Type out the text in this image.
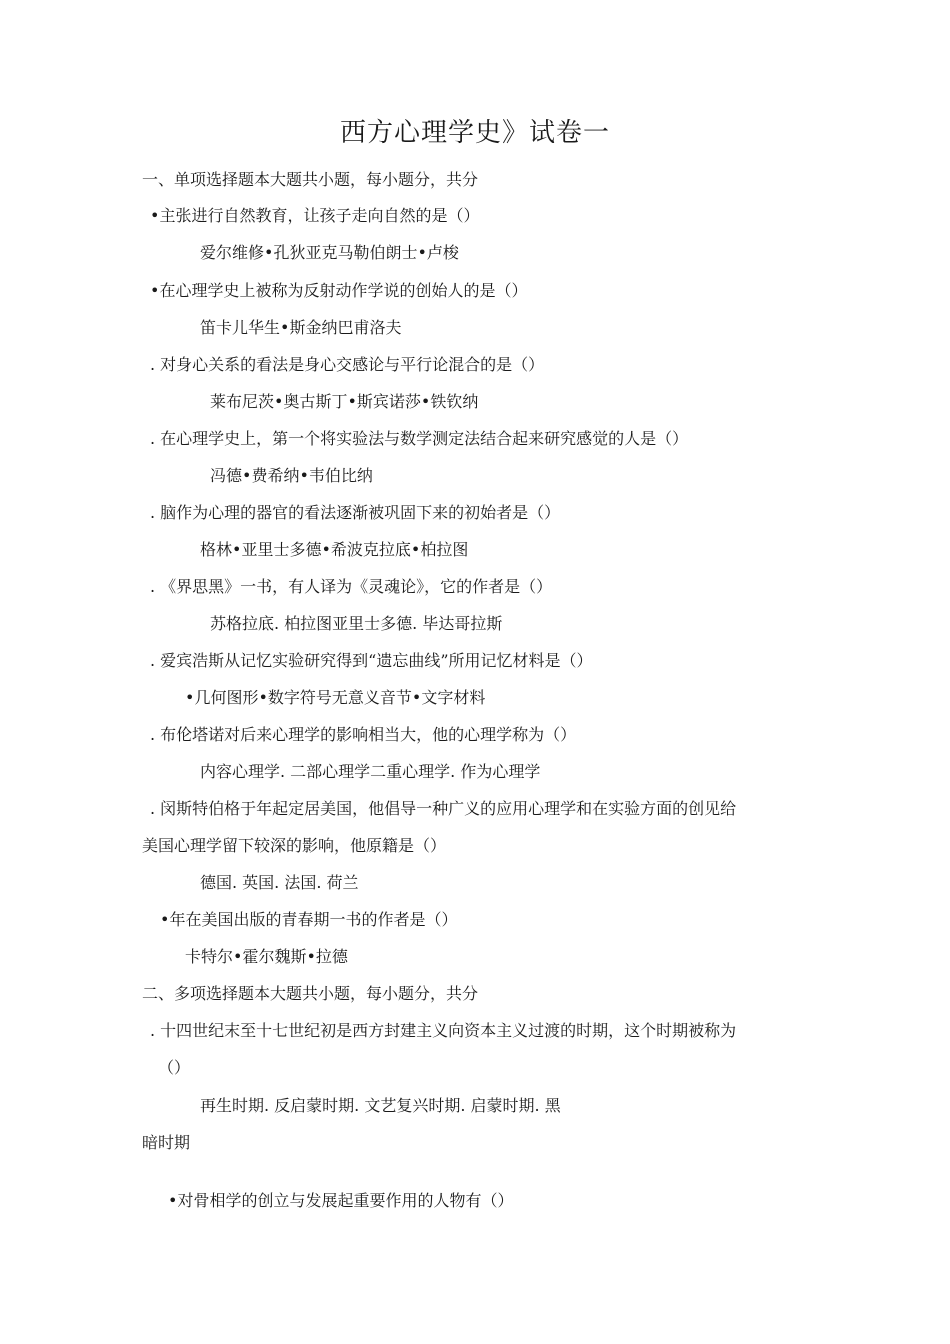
西方心理学史》试卷一
一、单项选择题本大题共小题，每小题分，共分
•主张进行自然教育，让孩子走向自然的是（）
爱尔维修•孔狄亚克马勒伯朗士•卢梭
•在心理学史上被称为反射动作学说的创始人的是（）
笛卡儿华生•斯金纳巴甫洛夫
. 对身心关系的看法是身心交感论与平行论混合的是（）
莱布尼茨•奥古斯丁•斯宾诺莎•铁钦纳
. 在心理学史上，第一个将实验法与数学测定法结合起来研究感觉的人是（）
冯德•费希纳•韦伯比纳
. 脑作为心理的器官的看法逐渐被巩固下来的初始者是（）
格林•亚里士多德•希波克拉底•柏拉图
. 《界思黑》一书，有人译为《灵魂论》，它的作者是（）
苏格拉底. 柏拉图亚里士多德. 毕达哥拉斯
. 爱宾浩斯从记忆实验研究得到“遗忘曲线”所用记忆材料是（）
•几何图形•数字符号无意义音节•文字材料
. 布伦塔诺对后来心理学的影响相当大，他的心理学称为（）
内容心理学. 二部心理学二重心理学. 作为心理学
. 闵斯特伯格于年起定居美国，他倡导一种广义的应用心理学和在实验方面的创见给
美国心理学留下较深的影响，他原籍是（）
德国. 英国. 法国. 荷兰
•年在美国出版的青春期一书的作者是（）
卡特尔•霍尔魏斯•拉德
二、多项选择题本大题共小题，每小题分，共分
. 十四世纪末至十七世纪初是西方封建主义向资本主义过渡的时期，这个时期被称为
（）
再生时期. 反启蒙时期. 文艺复兴时期. 启蒙时期. 黑
暗时期
•对骨相学的创立与发展起重要作用的人物有（）
